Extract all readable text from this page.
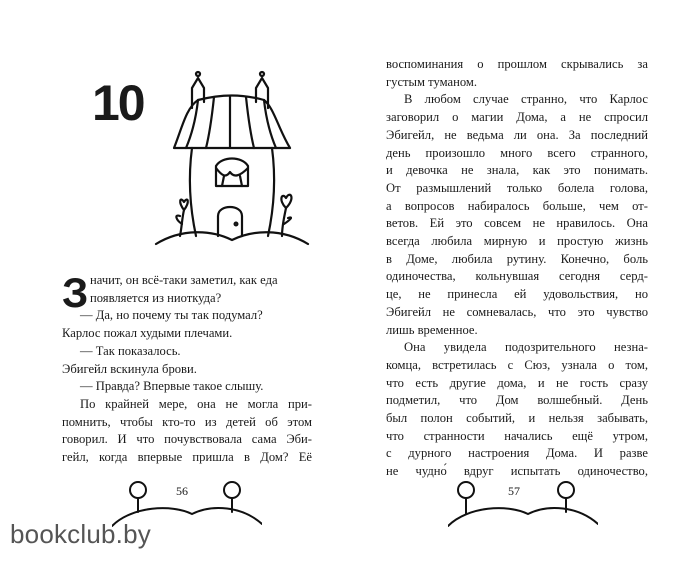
10
З начит, он всё-таки заметил, как еда
появляется из ниоткуда?
— Да, но почему ты так подумал?
Карлос пожал худыми плечами.
— Так показалось.
Эбигейл вскинула брови.
— Правда? Впервые такое слышу.
По крайней мере, она не могла при-
помнить, чтобы кто-то из детей об этом
говорил. И что почувствовала сама Эби-
гейл, когда впервые пришла в Дом? Её
56
bookclub.by
воспоминания о прошлом скрывались за
густым туманом.
В любом случае странно, что Карлос
заговорил о магии Дома, а не спросил
Эбигейл, не ведьма ли она. За последний
день произошло много всего странного,
и девочка не знала, как это понимать.
От размышлений только болела голова,
а вопросов набиралось больше, чем от-
ветов. Ей это совсем не нравилось. Она
всегда любила мирную и простую жизнь
в Доме, любила рутину. Конечно, боль
одиночества, кольнувшая сегодня серд-
це, не принесла ей удовольствия, но
Эбигейл не сомневалась, что это чувство
лишь временное.
Она увидела подозрительного незна-
комца, встретилась с Сюз, узнала о том,
что есть другие дома, и не гость сразу
подметил, что Дом волшебный. День
был полон событий, и нельзя забывать,
что странности начались ещё утром,
с дурного настроения Дома. И разве
не чудно́ вдруг испытать одиночество,
57
